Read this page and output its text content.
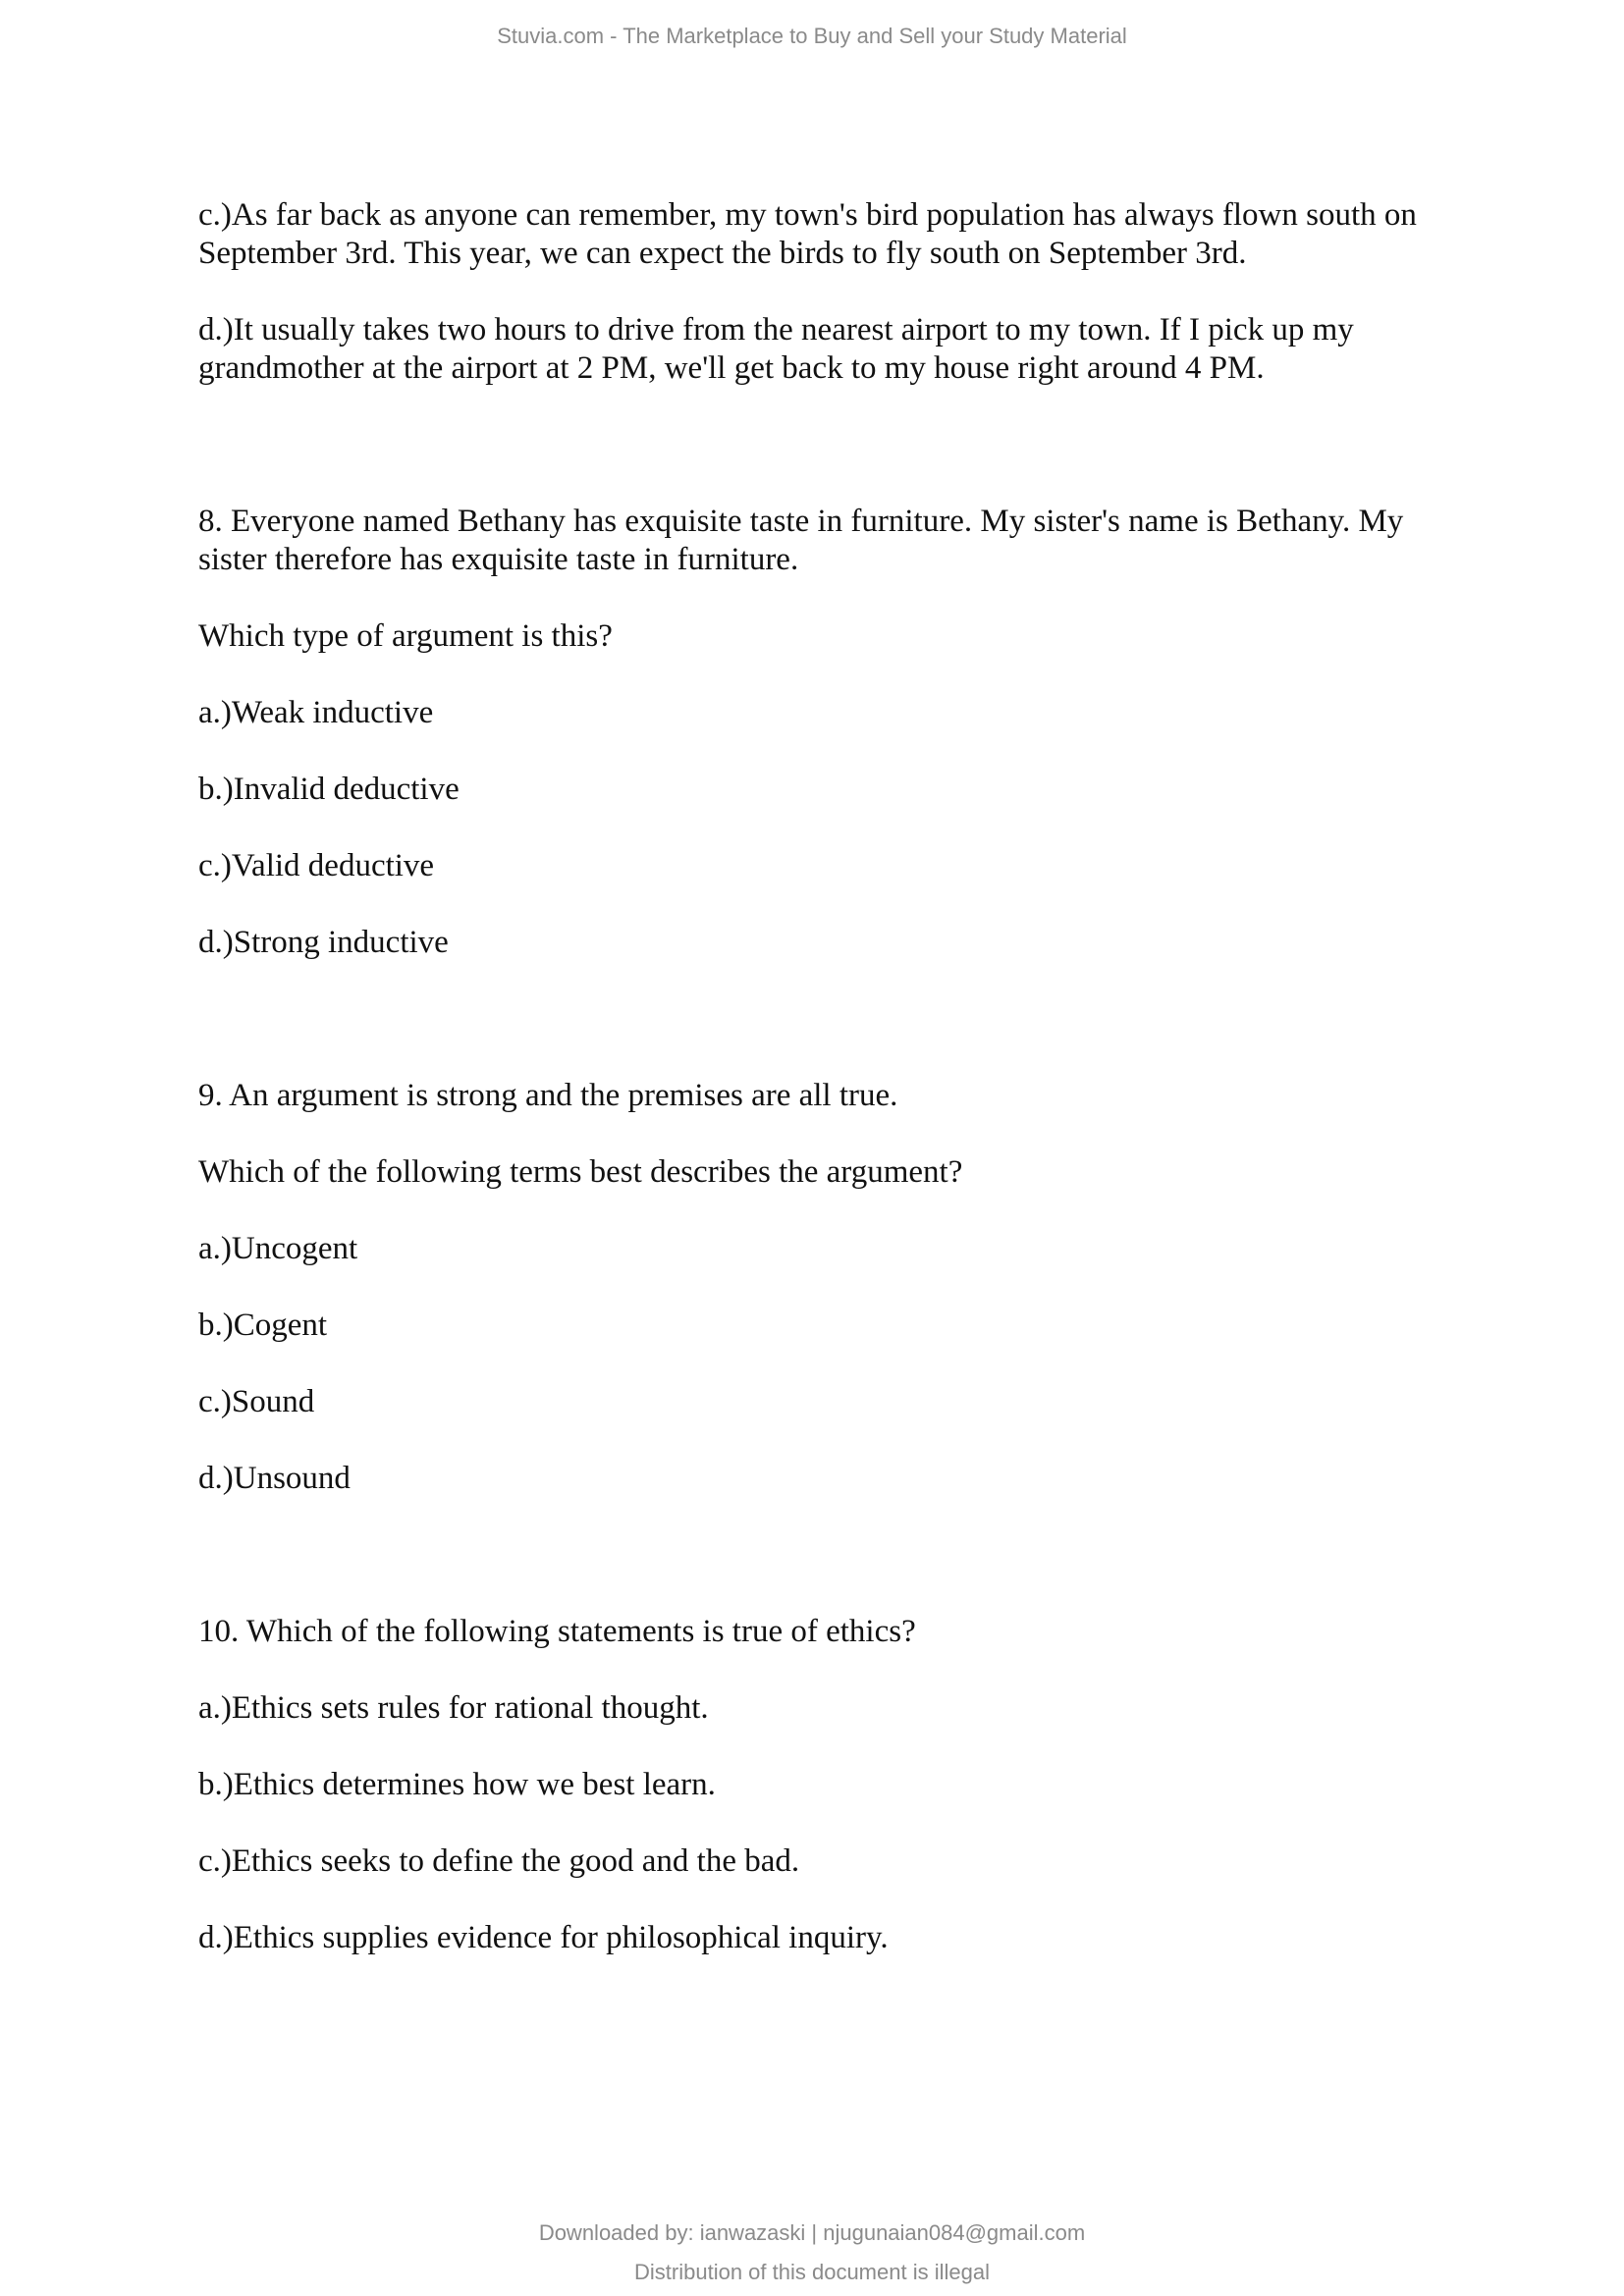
Stuvia.com - The Marketplace to Buy and Sell your Study Material

c.)As far back as anyone can remember, my town's bird population has always flown south on September 3rd. This year, we can expect the birds to fly south on September 3rd.

d.)It usually takes two hours to drive from the nearest airport to my town. If I pick up my grandmother at the airport at 2 PM, we'll get back to my house right around 4 PM.

8. Everyone named Bethany has exquisite taste in furniture. My sister's name is Bethany. My sister therefore has exquisite taste in furniture.

Which type of argument is this?

a.)Weak inductive

b.)Invalid deductive

c.)Valid deductive

d.)Strong inductive

9. An argument is strong and the premises are all true.

Which of the following terms best describes the argument?

a.)Uncogent

b.)Cogent

c.)Sound

d.)Unsound

10. Which of the following statements is true of ethics?

a.)Ethics sets rules for rational thought.

b.)Ethics determines how we best learn.

c.)Ethics seeks to define the good and the bad.

d.)Ethics supplies evidence for philosophical inquiry.

Downloaded by: ianwazaski | njugunaian084@gmail.com
Distribution of this document is illegal
